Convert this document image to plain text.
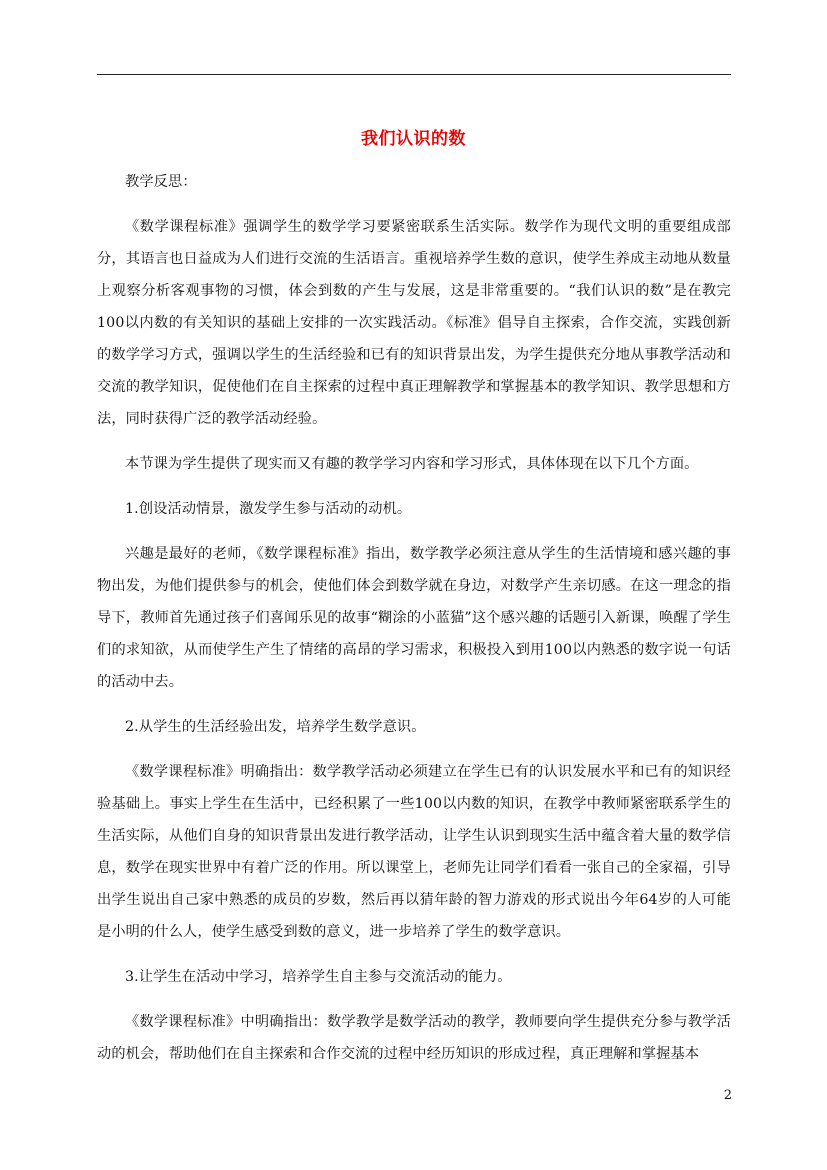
我们认识的数

教学反思：

《数学课程标准》强调学生的数学学习要紧密联系生活实际。数学作为现代文明的重要组成部分，其语言也日益成为人们进行交流的生活语言。重视培养学生数的意识，使学生养成主动地从数量上观察分析客观事物的习惯，体会到数的产生与发展，这是非常重要的。“我们认识的数”是在教完100以内数的有关知识的基础上安排的一次实践活动。《标准》倡导自主探索，合作交流，实践创新的数学学习方式，强调以学生的生活经验和已有的知识背景出发，为学生提供充分地从事教学活动和交流的教学知识，促使他们在自主探索的过程中真正理解教学和掌握基本的教学知识、教学思想和方法，同时获得广泛的教学活动经验。

本节课为学生提供了现实而又有趣的教学学习内容和学习形式，具体体现在以下几个方面。

1.创设活动情景，激发学生参与活动的动机。

兴趣是最好的老师，《数学课程标准》指出，数学教学必须注意从学生的生活情境和感兴趣的事物出发，为他们提供参与的机会，使他们体会到数学就在身边，对数学产生亲切感。在这一理念的指导下，教师首先通过孩子们喜闻乐见的故事“糊涂的小蓝猫”这个感兴趣的话题引入新课，唤醒了学生们的求知欲，从而使学生产生了情绪的高昂的学习需求，积极投入到用100以内熟悉的数字说一句话的活动中去。

2.从学生的生活经验出发，培养学生数学意识。

《数学课程标准》明确指出：数学教学活动必须建立在学生已有的认识发展水平和已有的知识经验基础上。事实上学生在生活中，已经积累了一些100以内数的知识，在教学中教师紧密联系学生的生活实际，从他们自身的知识背景出发进行教学活动，让学生认识到现实生活中蕴含着大量的数学信息，数学在现实世界中有着广泛的作用。所以课堂上，老师先让同学们看看一张自己的全家福，引导出学生说出自己家中熟悉的成员的岁数，然后再以猜年龄的智力游戏的形式说出今年64岁的人可能是小明的什么人，使学生感受到数的意义，进一步培养了学生的数学意识。

3.让学生在活动中学习，培养学生自主参与交流活动的能力。

《数学课程标准》中明确指出：数学教学是数学活动的教学，教师要向学生提供充分参与教学活动的机会，帮助他们在自主探索和合作交流的过程中经历知识的形成过程，真正理解和掌握基本

2
